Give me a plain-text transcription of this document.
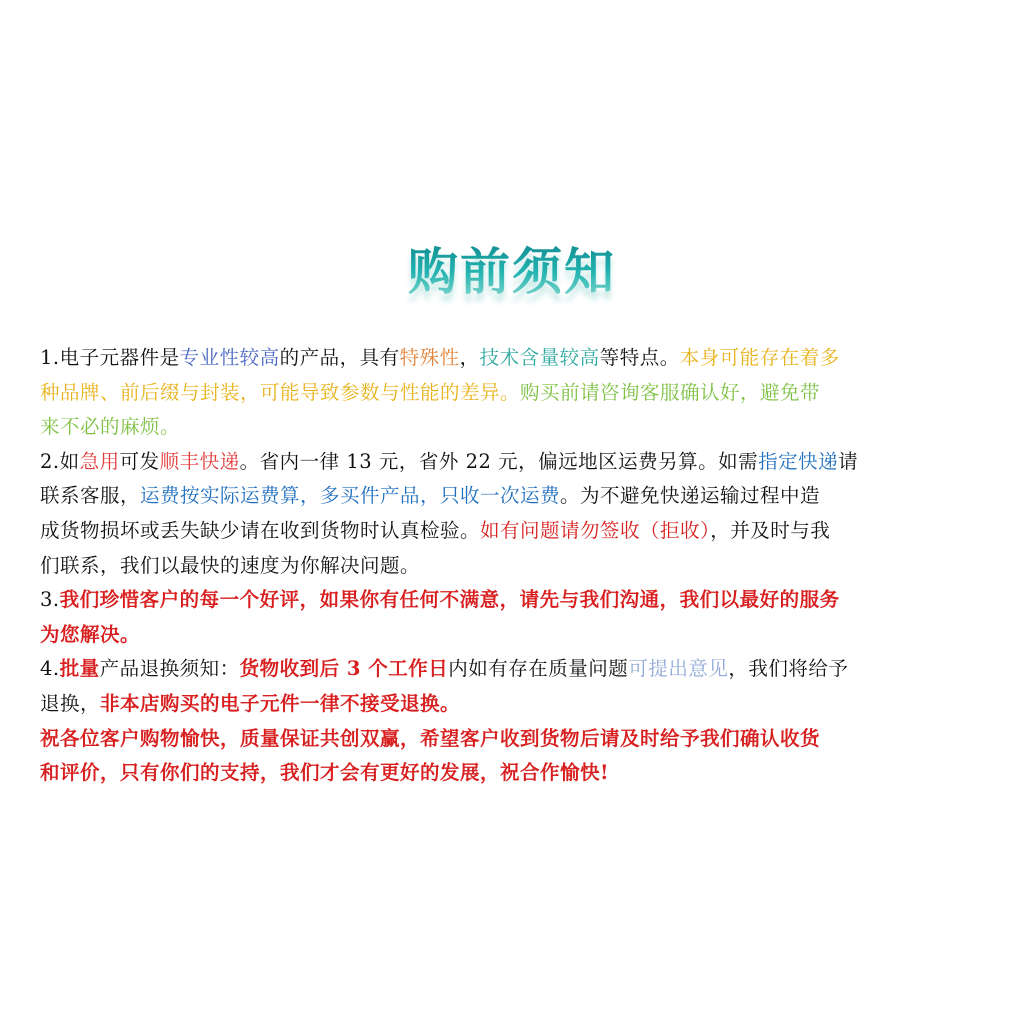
购前须知
1.电子元器件是专业性较高的产品，具有特殊性，技术含量较高等特点。本身可能存在着多
种品牌、前后缀与封装，可能导致参数与性能的差异。购买前请咨询客服确认好，避免带
来不必的麻烦。
2.如急用可发顺丰快递。省内一律 13 元，省外 22 元，偏远地区运费另算。如需指定快递请
联系客服，运费按实际运费算，多买件产品，只收一次运费。为不避免快递运输过程中造
成货物损坏或丢失缺少请在收到货物时认真检验。如有问题请勿签收（拒收），并及时与我
们联系，我们以最快的速度为你解决问题。
3.我们珍惜客户的每一个好评，如果你有任何不满意，请先与我们沟通，我们以最好的服务
为您解决。
4.批量产品退换须知：货物收到后 3 个工作日内如有存在质量问题可提出意见，我们将给予
退换，非本店购买的电子元件一律不接受退换。
祝各位客户购物愉快，质量保证共创双赢，希望客户收到货物后请及时给予我们确认收货
和评价，只有你们的支持，我们才会有更好的发展，祝合作愉快!
